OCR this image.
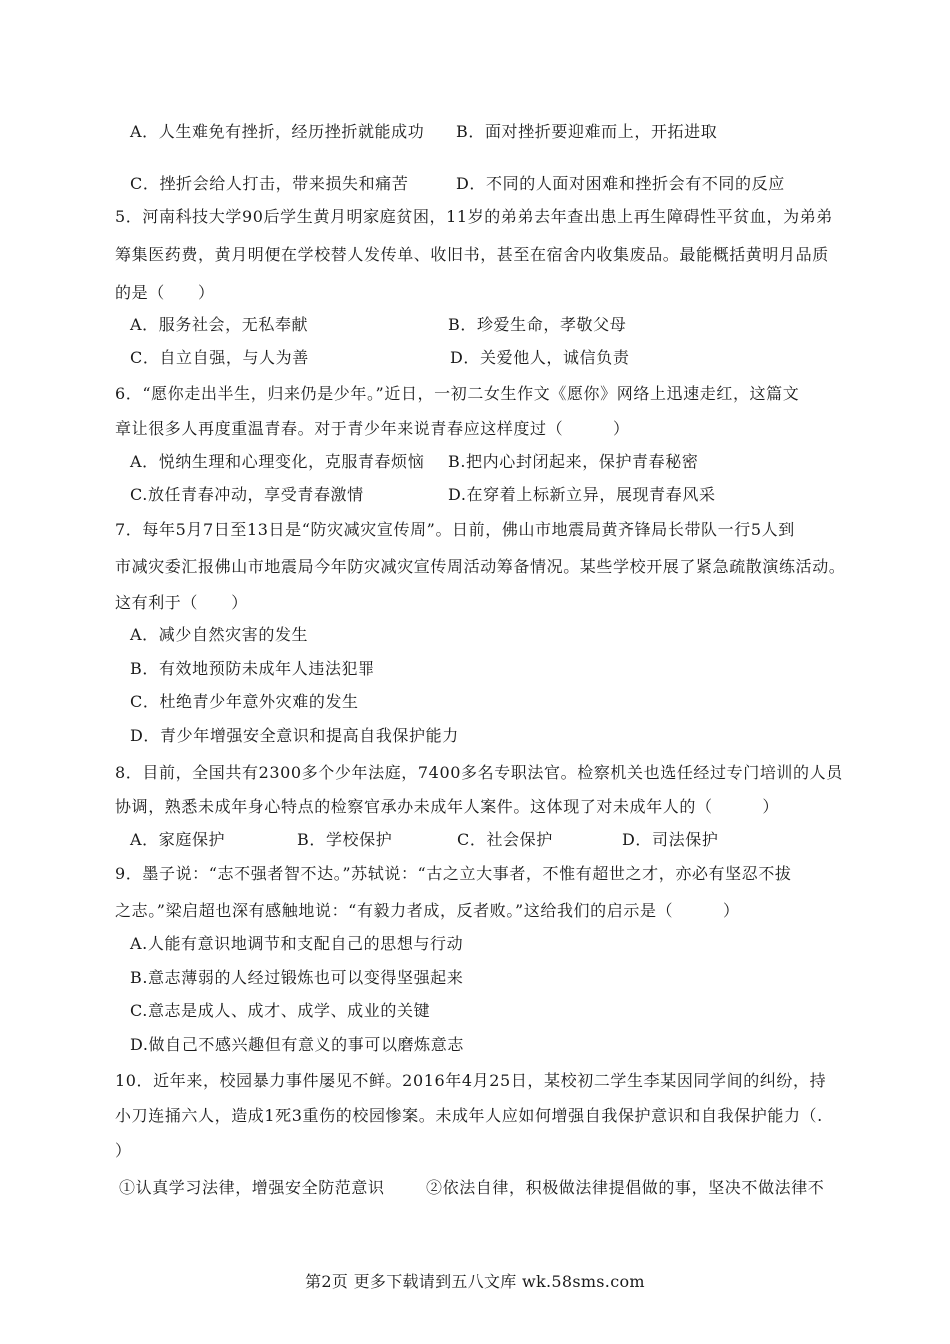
A．人生难免有挫折，经历挫折就能成功 B．面对挫折要迎难而上，开拓进取
C．挫折会给人打击，带来损失和痛苦	D．不同的人面对困难和挫折会有不同的反应
5．河南科技大学90后学生黄月明家庭贫困，11岁的弟弟去年查出患上再生障碍性平贫血，为弟弟
筹集医药费，黄月明便在学校替人发传单、收旧书，甚至在宿舍内收集废品。最能概括黄明月品质
的是（　　）
A．服务社会，无私奉献	B．珍爱生命，孝敬父母
C．自立自强，与人为善	D．关爱他人，诚信负责
6．“愿你走出半生，归来仍是少年。”近日，一初二女生作文《愿你》网络上迅速走红，这篇文
章让很多人再度重温青春。对于青少年来说青春应这样度过（　　　）
A．悦纳生理和心理变化，克服青春烦恼 B.把内心封闭起来，保护青春秘密
C.放任青春冲动，享受青春激情	D.在穿着上标新立异，展现青春风采
7．每年5月7日至13日是“防灾减灾宣传周”。日前，佛山市地震局黄齐锋局长带队一行5人到
市减灾委汇报佛山市地震局今年防灾减灾宣传周活动筹备情况。某些学校开展了紧急疏散演练活动。
这有利于（　　）
A．减少自然灾害的发生
B．有效地预防未成年人违法犯罪
C．杜绝青少年意外灾难的发生
D．青少年增强安全意识和提高自我保护能力
8．目前，全国共有2300多个少年法庭，7400多名专职法官。检察机关也选任经过专门培训的人员
协调，熟悉未成年身心特点的检察官承办未成年人案件。这体现了对未成年人的（　　　）
A．家庭保护	B．学校保护	C．社会保护	D．司法保护
9．墨子说：“志不强者智不达。”苏轼说：“古之立大事者，不惟有超世之才，亦必有坚忍不拔
之志。”梁启超也深有感触地说：“有毅力者成，反者败。”这给我们的启示是（　　　）
A.人能有意识地调节和支配自己的思想与行动
B.意志薄弱的人经过锻炼也可以变得坚强起来
C.意志是成人、成才、成学、成业的关键
D.做自己不感兴趣但有意义的事可以磨炼意志
10．近年来，校园暴力事件屡见不鲜。2016年4月25日，某校初二学生李某因同学间的纠纷，持
小刀连捅六人，造成1死3重伤的校园惨案。未成年人应如何增强自我保护意识和自我保护能力（.
）
①认真学习法律，增强安全防范意识	②依法自律，积极做法律提倡做的事，坚决不做法律不
第2页 更多下载请到五八文库 wk.58sms.com
